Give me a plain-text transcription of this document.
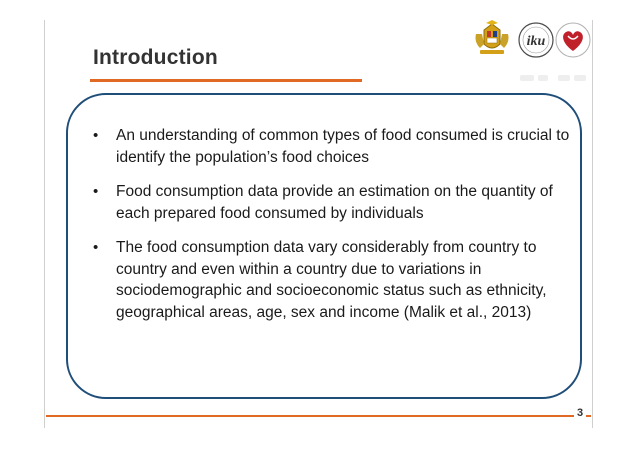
Introduction
iku
• An understanding of common types of food consumed is crucial to identify the population’s food choices
• Food consumption data provide an estimation on the quantity of each prepared food consumed by individuals
• The food consumption data vary considerably from country to country and even within a country due to variations in sociodemographic and socioeconomic status such as ethnicity, geographical areas, age, sex and income (Malik et al., 2013)
3
